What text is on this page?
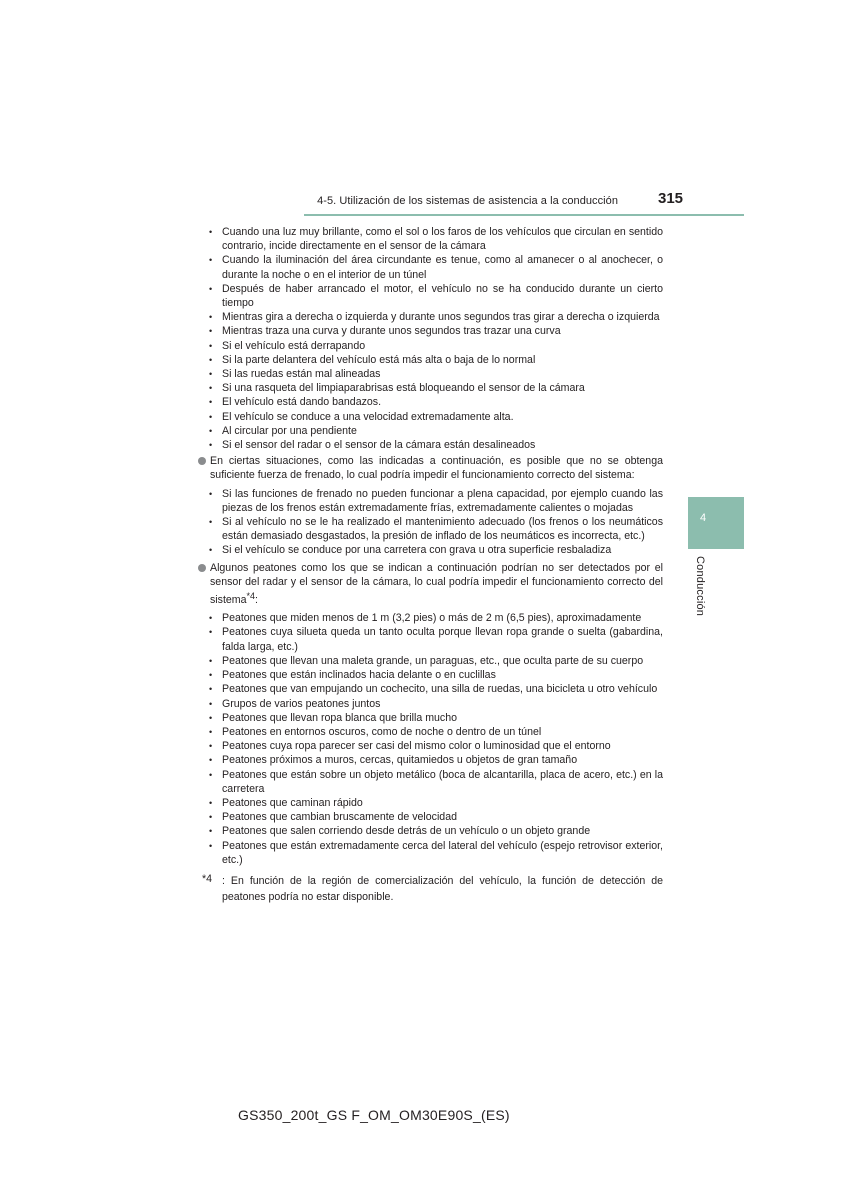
4-5. Utilización de los sistemas de asistencia a la conducción	315
4
Conducción
• Cuando una luz muy brillante, como el sol o los faros de los vehículos que circulan en sentido contrario, incide directamente en el sensor de la cámara
• Cuando la iluminación del área circundante es tenue, como al amanecer o al anochecer, o durante la noche o en el interior de un túnel
• Después de haber arrancado el motor, el vehículo no se ha conducido durante un cierto tiempo
• Mientras gira a derecha o izquierda y durante unos segundos tras girar a derecha o izquierda
• Mientras traza una curva y durante unos segundos tras trazar una curva
• Si el vehículo está derrapando
• Si la parte delantera del vehículo está más alta o baja de lo normal
• Si las ruedas están mal alineadas
• Si una rasqueta del limpiaparabrisas está bloqueando el sensor de la cámara
• El vehículo está dando bandazos.
• El vehículo se conduce a una velocidad extremadamente alta.
• Al circular por una pendiente
• Si el sensor del radar o el sensor de la cámara están desalineados
En ciertas situaciones, como las indicadas a continuación, es posible que no se obtenga suficiente fuerza de frenado, lo cual podría impedir el funcionamiento correcto del sistema:
• Si las funciones de frenado no pueden funcionar a plena capacidad, por ejemplo cuando las piezas de los frenos están extremadamente frías, extremadamente calientes o mojadas
• Si al vehículo no se le ha realizado el mantenimiento adecuado (los frenos o los neumáticos están demasiado desgastados, la presión de inflado de los neumáticos es incorrecta, etc.)
• Si el vehículo se conduce por una carretera con grava u otra superficie resbaladiza
Algunos peatones como los que se indican a continuación podrían no ser detectados por el sensor del radar y el sensor de la cámara, lo cual podría impedir el funcionamiento correcto del sistema$^{*4}$:
• Peatones que miden menos de 1 m (3,2 pies) o más de 2 m (6,5 pies), aproximadamente
• Peatones cuya silueta queda un tanto oculta porque llevan ropa grande o suelta (gabardina, falda larga, etc.)
• Peatones que llevan una maleta grande, un paraguas, etc., que oculta parte de su cuerpo
• Peatones que están inclinados hacia delante o en cuclillas
• Peatones que van empujando un cochecito, una silla de ruedas, una bicicleta u otro vehículo
• Grupos de varios peatones juntos
• Peatones que llevan ropa blanca que brilla mucho
• Peatones en entornos oscuros, como de noche o dentro de un túnel
• Peatones cuya ropa parecer ser casi del mismo color o luminosidad que el entorno
• Peatones próximos a muros, cercas, quitamiedos u objetos de gran tamaño
• Peatones que están sobre un objeto metálico (boca de alcantarilla, placa de acero, etc.) en la carretera
• Peatones que caminan rápido
• Peatones que cambian bruscamente de velocidad
• Peatones que salen corriendo desde detrás de un vehículo o un objeto grande
• Peatones que están extremadamente cerca del lateral del vehículo (espejo retrovisor exterior, etc.)
*4 : En función de la región de comercialización del vehículo, la función de detección de peatones podría no estar disponible.
GS350_200t_GS F_OM_OM30E90S_(ES)
